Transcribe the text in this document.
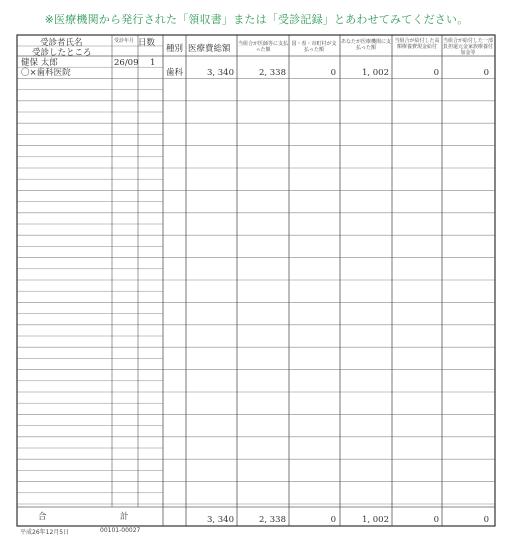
※医療機関から発行された「領収書」または「受診記録」とあわせてみてください。
受診者氏名
受診したところ
受診年月 日数
種別 医療費総額 当組合が医師等に支払った額
国・県・市町村が支払った額
あなたが医療機関に支払った額
当組合が給付した高額療養費現金給付
当組合が給付した一部負担還元金家族療養付加金等
健保 太郎	26/09 1
〇×歯科医院	歯科	3, 340	2, 338	0	1, 002	0	0
合	計	3, 340	2, 338	0	1, 002	0	0
平成26年12月5日	00101-00027
